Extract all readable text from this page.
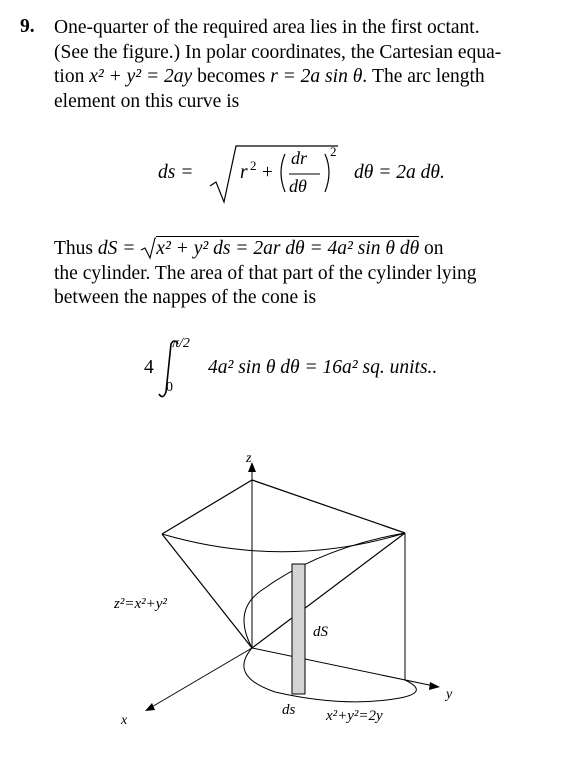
9. One-quarter of the required area lies in the first octant.
(See the figure.) In polar coordinates, the Cartesian equa-
tion x² + y² = 2ay becomes r = 2a sin θ. The arc length
element on this curve is
ds = r 2 +
dr
dθ
2
dθ = 2a dθ.
Thus dS = x² + y² ds = 2ar dθ = 4a² sin θ dθ on
the cylinder. The area of that part of the cylinder lying
between the nappes of the cone is
4
π/2
0
4a² sin θ dθ = 16a² sq. units..
z
y
x
z²=x²+y²
dS
ds x²+y²=2y
